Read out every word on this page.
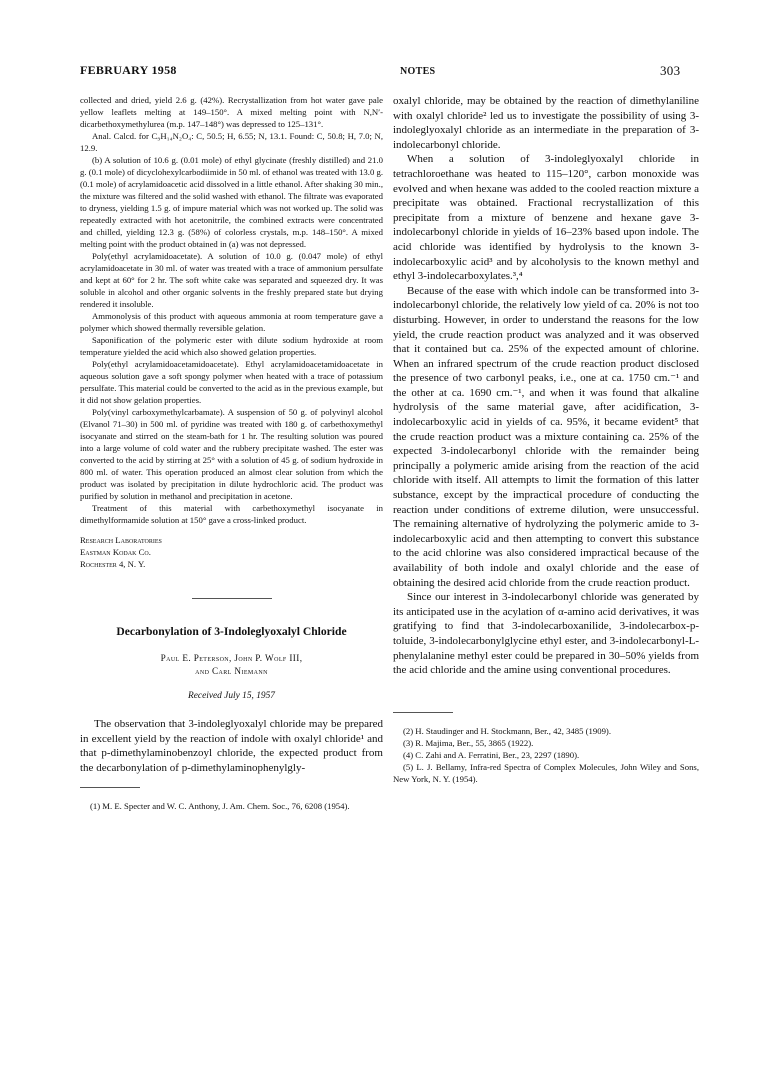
FEBRUARY 1958	NOTES	303

collected and dried, yield 2.6 g. (42%). Recrystallization from hot water gave pale yellow leaflets melting at 149–150°. A mixed melting point with N,N′-dicarbethoxymethylurea (m.p. 147–148°) was depressed to 125–131°.

Anal. Calcd. for C₉H₁₄N₂O₄: C, 50.5; H, 6.55; N, 13.1. Found: C, 50.8; H, 7.0; N, 12.9.

(b) A solution of 10.6 g. (0.01 mole) of ethyl glycinate (freshly distilled) and 21.0 g. (0.1 mole) of dicyclohexylcarbodiimide in 50 ml. of ethanol was treated with 13.0 g. (0.1 mole) of acrylamidoacetic acid dissolved in a little ethanol. After shaking 30 min., the mixture was filtered and the solid washed with ethanol. The filtrate was evaporated to dryness, yielding 1.5 g. of impure material which was not worked up. The solid was repeatedly extracted with hot acetonitrile, the combined extracts were concentrated and chilled, yielding 12.3 g. (58%) of colorless crystals, m.p. 148–150°. A mixed melting point with the product obtained in (a) was not depressed.

Poly(ethyl acrylamidoacetate). A solution of 10.0 g. (0.047 mole) of ethyl acrylamidoacetate in 30 ml. of water was treated with a trace of ammonium persulfate and kept at 60° for 2 hr. The soft white cake was separated and squeezed dry. It was soluble in alcohol and other organic solvents in the freshly prepared state but drying rendered it insoluble.

Ammonolysis of this product with aqueous ammonia at room temperature gave a polymer which showed thermally reversible gelation.

Saponification of the polymeric ester with dilute sodium hydroxide at room temperature yielded the acid which also showed gelation properties.

Poly(ethyl acrylamidoacetamidoacetate). Ethyl acrylamidoacetamidoacetate in aqueous solution gave a soft spongy polymer when heated with a trace of potassium persulfate. This material could be converted to the acid as in the previous example, but it did not show gelation properties.

Poly(vinyl carboxymethylcarbamate). A suspension of 50 g. of polyvinyl alcohol (Elvanol 71–30) in 500 ml. of pyridine was treated with 180 g. of carbethoxymethyl isocyanate and stirred on the steam-bath for 1 hr. The resulting solution was poured into a large volume of cold water and the rubbery precipitate washed. The ester was converted to the acid by stirring at 25° with a solution of 45 g. of sodium hydroxide in 800 ml. of water. This operation produced an almost clear solution from which the product was isolated by precipitation in dilute hydrochloric acid. The product was purified by solution in methanol and precipitation in acetone.

Treatment of this material with carbethoxymethyl isocyanate in dimethylformamide solution at 150° gave a cross-linked product.

Research Laboratories
Eastman Kodak Co.
Rochester 4, N. Y.
Decarbonylation of 3-Indoleglyoxalyl Chloride
Paul E. Peterson, John P. Wolf III,
and Carl Niemann
Received July 15, 1957

The observation that 3-indoleglyoxalyl chloride may be prepared in excellent yield by the reaction of indole with oxalyl chloride¹ and that p-dimethylaminobenzoyl chloride, the expected product from the decarbonylation of p-dimethylaminophenylgly-

(1) M. E. Specter and W. C. Anthony, J. Am. Chem. Soc., 76, 6208 (1954).

oxalyl chloride, may be obtained by the reaction of dimethylaniline with oxalyl chloride² led us to investigate the possibility of using 3-indoleglyoxalyl chloride as an intermediate in the preparation of 3-indolecarbonyl chloride.

When a solution of 3-indoleglyoxalyl chloride in tetrachloroethane was heated to 115–120°, carbon monoxide was evolved and when hexane was added to the cooled reaction mixture a precipitate was obtained. Fractional recrystallization of this precipitate from a mixture of benzene and hexane gave 3-indolecarbonyl chloride in yields of 16–23% based upon indole. The acid chloride was identified by hydrolysis to the known 3-indolecarboxylic acid³ and by alcoholysis to the known methyl and ethyl 3-indolecarboxylates.³,⁴

Because of the ease with which indole can be transformed into 3-indolecarbonyl chloride, the relatively low yield of ca. 20% is not too disturbing. However, in order to understand the reasons for the low yield, the crude reaction product was analyzed and it was observed that it contained but ca. 25% of the expected amount of chlorine. When an infrared spectrum of the crude reaction product disclosed the presence of two carbonyl peaks, i.e., one at ca. 1750 cm.⁻¹ and the other at ca. 1690 cm.⁻¹, and when it was found that alkaline hydrolysis of the same material gave, after acidification, 3-indolecarboxylic acid in yields of ca. 95%, it became evident⁵ that the crude reaction product was a mixture containing ca. 25% of the expected 3-indolecarbonyl chloride with the remainder being principally a polymeric amide arising from the reaction of the acid chloride with itself. All attempts to limit the formation of this latter substance, except by the impractical procedure of conducting the reaction under conditions of extreme dilution, were unsuccessful. The remaining alternative of hydrolyzing the polymeric amide to 3-indolecarboxylic acid and then attempting to convert this substance to the acid chlorine was also considered impractical because of the availability of both indole and oxalyl chloride and the ease of obtaining the desired acid chloride from the crude reaction product.

Since our interest in 3-indolecarbonyl chloride was generated by its anticipated use in the acylation of α-amino acid derivatives, it was gratifying to find that 3-indolecarboxanilide, 3-indolecarbox-p-toluide, 3-indolecarbonylglycine ethyl ester, and 3-indolecarbonyl-L-phenylalanine methyl ester could be prepared in 30–50% yields from the acid chloride and the amine using conventional procedures.

(2) H. Staudinger and H. Stockmann, Ber., 42, 3485 (1909).

(3) R. Majima, Ber., 55, 3865 (1922).

(4) C. Zahi and A. Ferratini, Ber., 23, 2297 (1890).

(5) L. J. Bellamy, Infra-red Spectra of Complex Molecules, John Wiley and Sons, New York, N. Y. (1954).
